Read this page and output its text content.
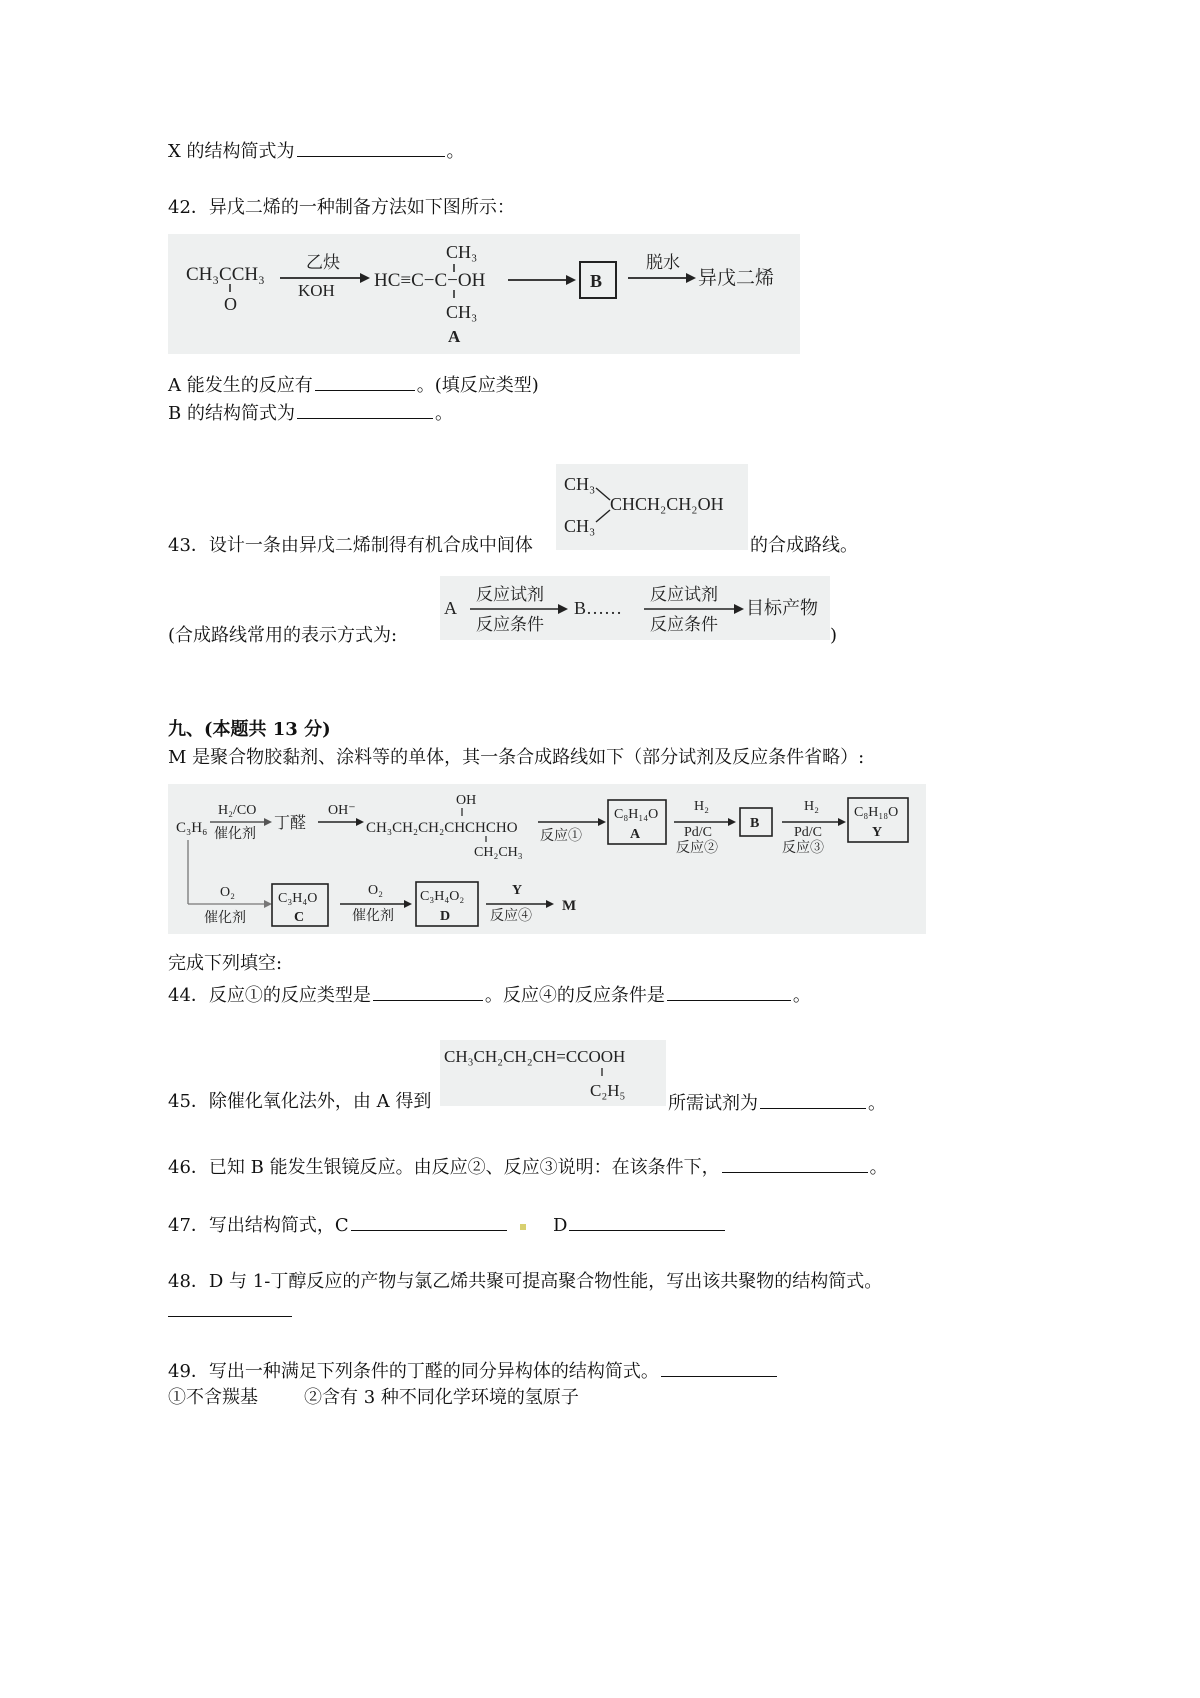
X 的结构简式为	。
42．异戊二烯的一种制备方法如下图所示：
CH₃CCH₃
O
乙炔
KOH
CH₃
HC≡C−C−OH
CH₃
A
B
脱水
异戊二烯
A 能发生的反应有	。(填反应类型)
B 的结构简式为	。
CH₃
CHCH₂CH₂OH
CH₃
43．设计一条由异戊二烯制得有机合成中间体	的合成路线。
(合成路线常用的表示方式为:
A
反应试剂
反应条件
B……
反应试剂
反应条件
目标产物
)
九、(本题共 13 分)
M 是聚合物胶黏剂、涂料等的单体，其一条合成路线如下（部分试剂及反应条件省略）:
C₃H₆
H₂/CO
催化剂
丁醛
OH⁻
OH
CH₃CH₂CH₂CHCHCHO
CH₂CH₃
反应①
C₈H₁₄O
A
H₂
Pd/C
反应②
B
H₂
Pd/C
反应③
C₈H₁₈O
Y
O₂
催化剂
C₃H₄O
C
O₂
催化剂
C₃H₄O₂
D
Y
反应④
M
完成下列填空:
44．反应①的反应类型是	。反应④的反应条件是	。
CH₃CH₂CH₂CH=CCOOH
C₂H₅
45．除催化氧化法外，由 A 得到	所需试剂为	。
46．已知 B 能发生银镜反应。由反应②、反应③说明：在该条件下，	。
47．写出结构简式，C	D
48．D 与 1-丁醇反应的产物与氯乙烯共聚可提高聚合物性能，写出该共聚物的结构简式。
49．写出一种满足下列条件的丁醛的同分异构体的结构简式。
①不含羰基	②含有 3 种不同化学环境的氢原子
